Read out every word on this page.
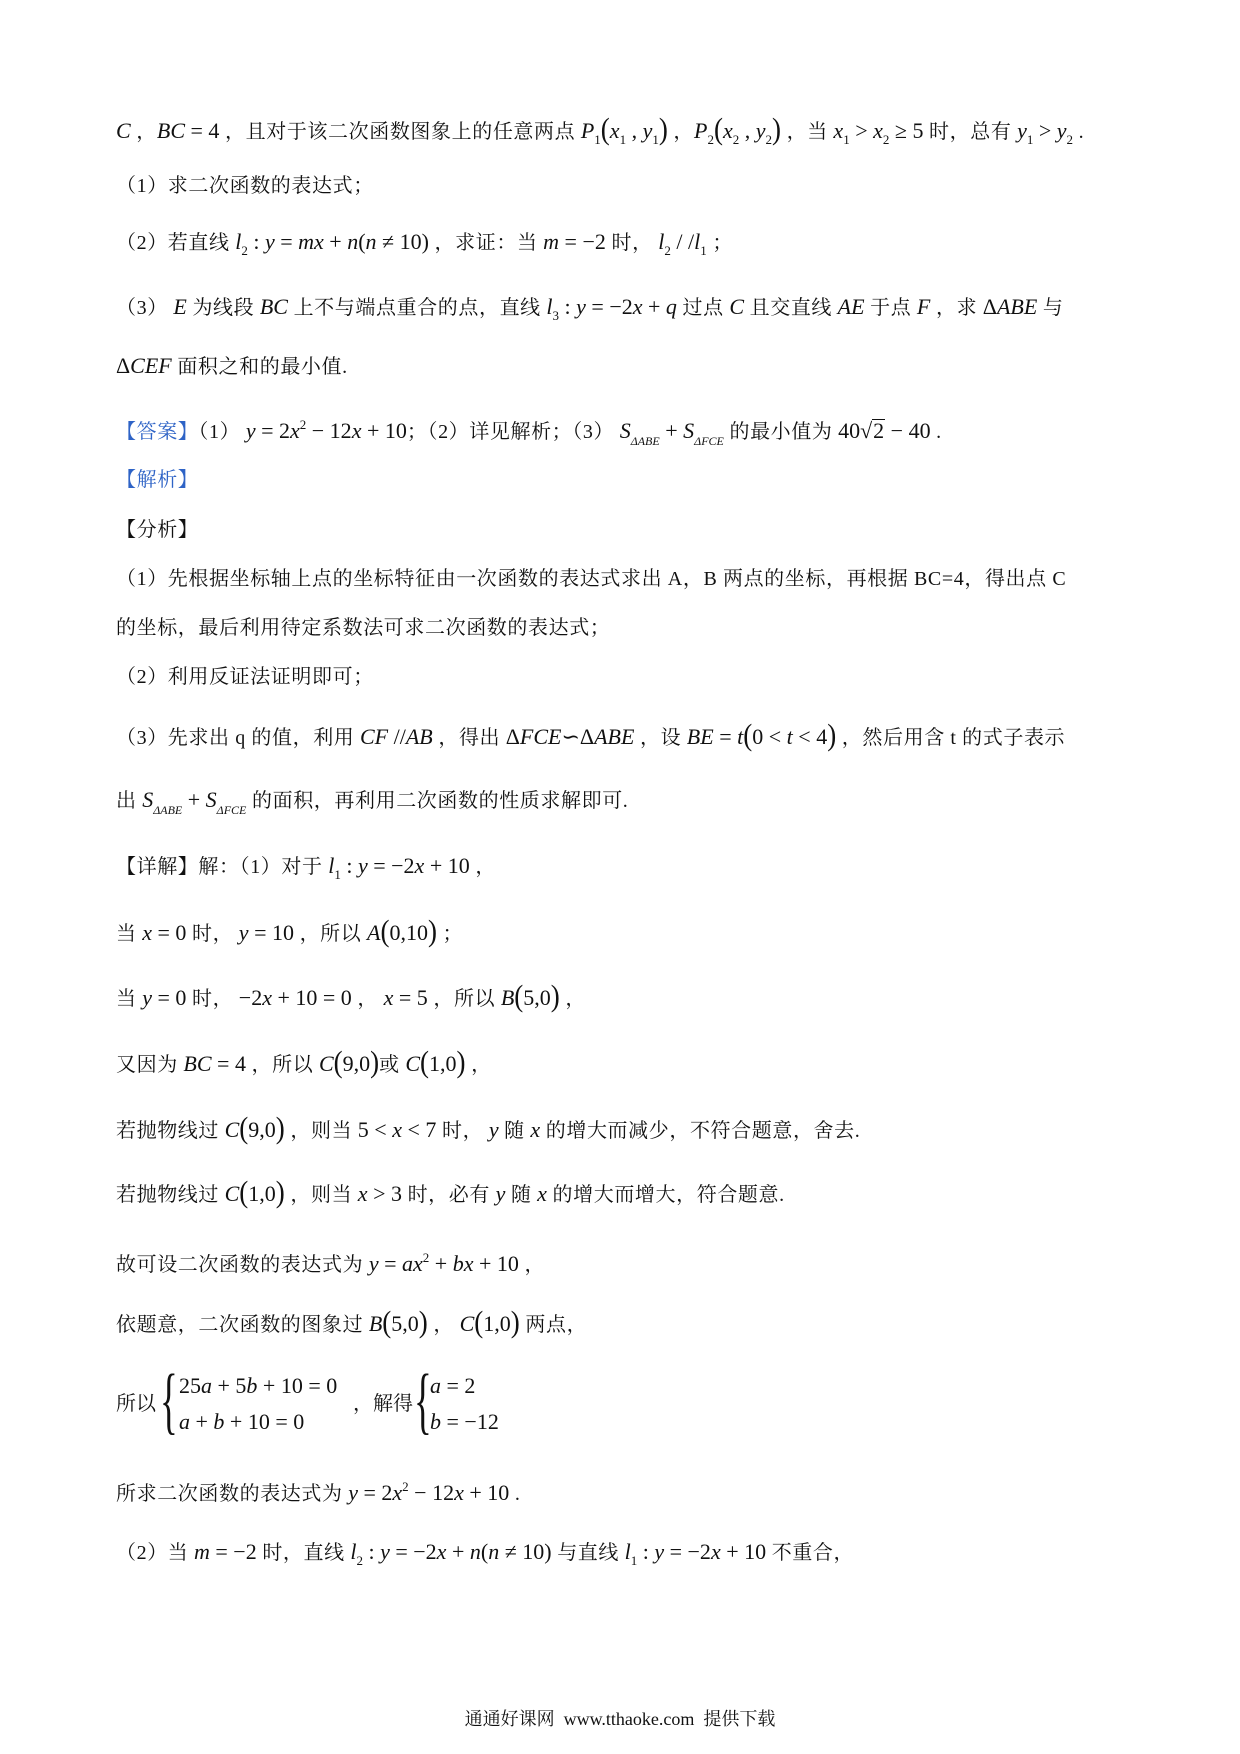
C ，BC = 4 ，且对于该二次函数图象上的任意两点 $P_1(x_1$ , $y_1$) ，$P_2(x_2$ , $y_2$) ，当 $x_1 > x_2 \ge 5$ 时，总有 $y_1 > y_2$ .
（1）求二次函数的表达式；
（2）若直线 $l_2$ : y = mx + n(n ≠ 10) ，求证：当 m = −2 时， $l_2 / /l_1$ ；
（3） E 为线段 BC 上不与端点重合的点，直线 $l_3$ : y = −2x + q 过点 C 且交直线 AE 于点 F ，求 ΔABE 与
ΔCEF 面积之和的最小值.
【答案】（1） $y = 2x^2 - 12x + 10$；（2）详见解析；（3） $S_{\Delta ABE} + S_{\Delta FCE}$ 的最小值为 40√2 − 40 .
【解析】
【分析】
（1）先根据坐标轴上点的坐标特征由一次函数的表达式求出 A，B 两点的坐标，再根据 BC=4，得出点 C
的坐标，最后利用待定系数法可求二次函数的表达式；
（2）利用反证法证明即可；
（3）先求出 q 的值，利用 CF //AB ，得出 ΔFCE∽ΔABE ，设 BE = t(0 < t < 4) ，然后用含 t 的式子表示
出 $S_{\Delta ABE} + S_{\Delta FCE}$ 的面积，再利用二次函数的性质求解即可.
【详解】解：（1）对于 $l_1$ : y = −2x + 10 ，
当 x = 0 时， y = 10 ，所以 A(0,10) ；
当 y = 0 时， −2x + 10 = 0 ， x = 5 ，所以 B(5,0) ，
又因为 BC = 4 ，所以 C(9,0)或 C(1,0) ，
若抛物线过 C(9,0) ，则当 5 < x < 7 时， y 随 x 的增大而减少，不符合题意，舍去.
若抛物线过 C(1,0) ，则当 x > 3 时，必有 y 随 x 的增大而增大，符合题意.
故可设二次函数的表达式为 $y = ax^2$ + bx + 10 ，
依题意，二次函数的图象过 B(5,0) ， C(1,0) 两点，
所以 { 25a + 5b + 10 = 0
a + b + 10 = 0
，解得 {
a = 2
b = −12
所求二次函数的表达式为 $y = 2x^2 - 12x + 10$ .
（2）当 m = −2 时，直线 $l_2$ : y = −2x + n(n ≠ 10) 与直线 $l_1$ : y = −2x + 10 不重合，
通通好课网  www.tthaoke.com  提供下载
